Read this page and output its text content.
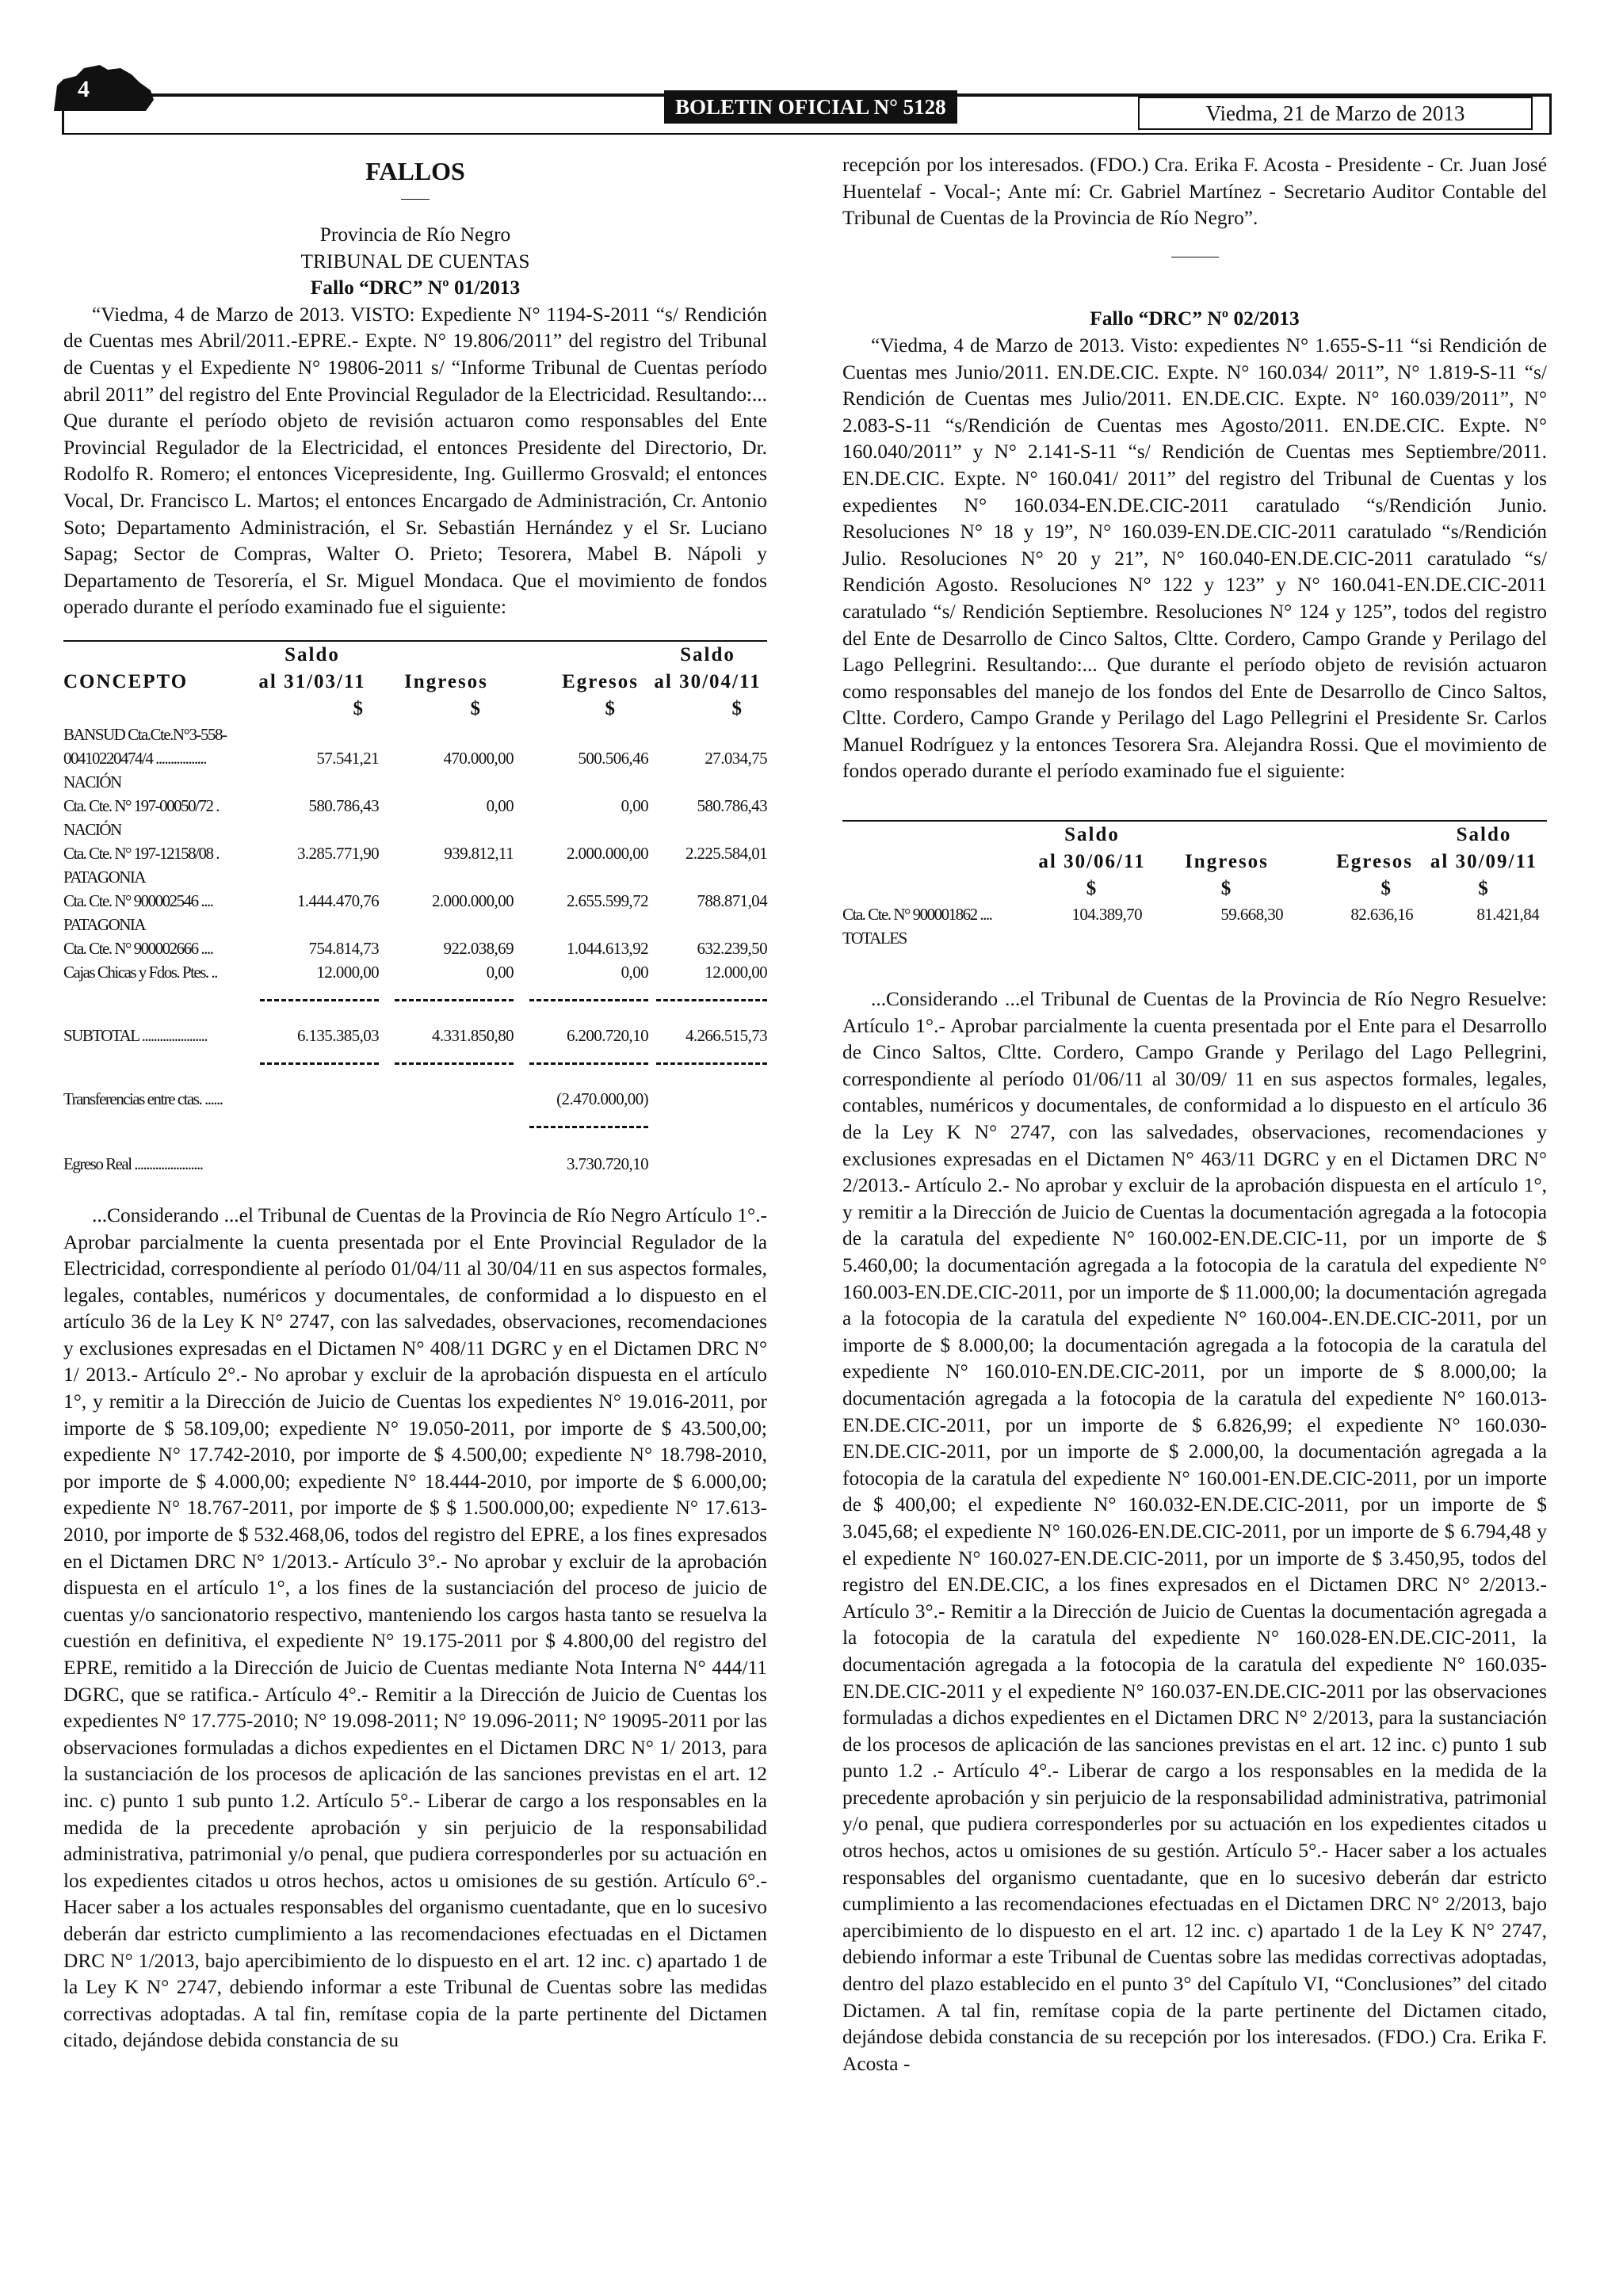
4
BOLETIN OFICIAL N° 5128	Viedma, 21 de Marzo de 2013
FALLOS

Provincia de Río Negro

TRIBUNAL DE CUENTAS

Fallo “DRC” Nº 01/2013

“Viedma, 4 de Marzo de 2013. VISTO: Expediente N° 1194-S-2011 “s/ Rendición de Cuentas mes Abril/2011.-EPRE.- Expte. N° 19.806/2011” del registro del Tribunal de Cuentas y el Expediente N° 19806-2011 s/ “Informe Tribunal de Cuentas período abril 2011” del registro del Ente Provincial Regulador de la Electricidad. Resultando:... Que durante el período objeto de revisión actuaron como responsables del Ente Provincial Regulador de la Electricidad, el entonces Presidente del Directorio, Dr. Rodolfo R. Romero; el entonces Vicepresidente, Ing. Guillermo Grosvald; el entonces Vocal, Dr. Francisco L. Martos; el entonces Encargado de Administración, Cr. Antonio Soto; Departamento Administración, el Sr. Sebastián Hernández y el Sr. Luciano Sapag; Sector de Compras, Walter O. Prieto; Tesorera, Mabel B. Nápoli y Departamento de Tesorería, el Sr. Miguel Mondaca. Que el movimiento de fondos operado durante el período examinado fue el siguiente:

	Saldo			Saldo
CONCEPTO	al 31/03/11	Ingresos	Egresos	al 30/04/11
	$	$	$	$
BANSUD Cta.Cte.N°3-558-				
00410220474/4 .................	57.541,21	470.000,00	500.506,46	27.034,75
NACIÓN				
Cta. Cte. N° 197-00050/72 .	580.786,43	0,00	0,00	580.786,43
NACIÓN				
Cta. Cte. N° 197-12158/08 .	3.285.771,90	939.812,11	2.000.000,00	2.225.584,01
PATAGONIA				
Cta. Cte. N° 900002546 ....	1.444.470,76	2.000.000,00	2.655.599,72	788.871,04
PATAGONIA				
Cta. Cte. N° 900002666 ....	754.814,73	922.038,69	1.044.613,92	632.239,50
Cajas Chicas y Fdos. Ptes. ..	12.000,00	0,00	0,00	12.000,00

SUBTOTAL ......................	6.135.385,03	4.331.850,80	6.200.720,10	4.266.515,73

Transferencias entre ctas. ......			(2.470.000,00)	

Egreso Real .......................			3.730.720,10	

...Considerando ...el Tribunal de Cuentas de la Provincia de Río Negro Artículo 1°.- Aprobar parcialmente la cuenta presentada por el Ente Provincial Regulador de la Electricidad, correspondiente al período 01/04/11 al 30/04/11 en sus aspectos formales, legales, contables, numéricos y documentales, de conformidad a lo dispuesto en el artículo 36 de la Ley K N° 2747, con las salvedades, observaciones, recomendaciones y exclusiones expresadas en el Dictamen N° 408/11 DGRC y en el Dictamen DRC N° 1/ 2013.- Artículo 2°.- No aprobar y excluir de la aprobación dispuesta en el artículo 1°, y remitir a la Dirección de Juicio de Cuentas los expedientes N° 19.016-2011, por importe de $ 58.109,00; expediente N° 19.050-2011, por importe de $ 43.500,00; expediente N° 17.742-2010, por importe de $ 4.500,00; expediente N° 18.798-2010, por importe de $ 4.000,00; expediente N° 18.444-2010, por importe de $ 6.000,00; expediente N° 18.767-2011, por importe de $ $ 1.500.000,00; expediente N° 17.613-2010, por importe de $ 532.468,06, todos del registro del EPRE, a los fines expresados en el Dictamen DRC N° 1/2013.- Artículo 3°.- No aprobar y excluir de la aprobación dispuesta en el artículo 1°, a los fines de la sustanciación del proceso de juicio de cuentas y/o sancionatorio respectivo, manteniendo los cargos hasta tanto se resuelva la cuestión en definitiva, el expediente N° 19.175-2011 por $ 4.800,00 del registro del EPRE, remitido a la Dirección de Juicio de Cuentas mediante Nota Interna N° 444/11 DGRC, que se ratifica.- Artículo 4°.- Remitir a la Dirección de Juicio de Cuentas los expedientes N° 17.775-2010; N° 19.098-2011; N° 19.096-2011; N° 19095-2011 por las observaciones formuladas a dichos expedientes en el Dictamen DRC N° 1/ 2013, para la sustanciación de los procesos de aplicación de las sanciones previstas en el art. 12 inc. c) punto 1 sub punto 1.2. Artículo 5°.- Liberar de cargo a los responsables en la medida de la precedente aprobación y sin perjuicio de la responsabilidad administrativa, patrimonial y/o penal, que pudiera corresponderles por su actuación en los expedientes citados u otros hechos, actos u omisiones de su gestión. Artículo 6°.- Hacer saber a los actuales responsables del organismo cuentadante, que en lo sucesivo deberán dar estricto cumplimiento a las recomendaciones efectuadas en el Dictamen DRC N° 1/2013, bajo apercibimiento de lo dispuesto en el art. 12 inc. c) apartado 1 de la Ley K N° 2747, debiendo informar a este Tribunal de Cuentas sobre las medidas correctivas adoptadas. A tal fin, remítase copia de la parte pertinente del Dictamen citado, dejándose debida constancia de su

recepción por los interesados. (FDO.) Cra. Erika F. Acosta - Presidente - Cr. Juan José Huentelaf - Vocal-; Ante mí: Cr. Gabriel Martínez - Secretario Auditor Contable del Tribunal de Cuentas de la Provincia de Río Negro”.

Fallo “DRC” Nº 02/2013

“Viedma, 4 de Marzo de 2013. Visto: expedientes N° 1.655-S-11 “si Rendición de Cuentas mes Junio/2011. EN.DE.CIC. Expte. N° 160.034/ 2011”, N° 1.819-S-11 “s/ Rendición de Cuentas mes Julio/2011. EN.DE.CIC. Expte. N° 160.039/2011”, N° 2.083-S-11 “s/Rendición de Cuentas mes Agosto/2011. EN.DE.CIC. Expte. N° 160.040/2011” y N° 2.141-S-11 “s/ Rendición de Cuentas mes Septiembre/2011. EN.DE.CIC. Expte. N° 160.041/ 2011” del registro del Tribunal de Cuentas y los expedientes N° 160.034-EN.DE.CIC-2011 caratulado “s/Rendición Junio. Resoluciones N° 18 y 19”, N° 160.039-EN.DE.CIC-2011 caratulado “s/Rendición Julio. Resoluciones N° 20 y 21”, N° 160.040-EN.DE.CIC-2011 caratulado “s/ Rendición Agosto. Resoluciones N° 122 y 123” y N° 160.041-EN.DE.CIC-2011 caratulado “s/ Rendición Septiembre. Resoluciones N° 124 y 125”, todos del registro del Ente de Desarrollo de Cinco Saltos, Cltte. Cordero, Campo Grande y Perilago del Lago Pellegrini. Resultando:... Que durante el período objeto de revisión actuaron como responsables del manejo de los fondos del Ente de Desarrollo de Cinco Saltos, Cltte. Cordero, Campo Grande y Perilago del Lago Pellegrini el Presidente Sr. Carlos Manuel Rodríguez y la entonces Tesorera Sra. Alejandra Rossi. Que el movimiento de fondos operado durante el período examinado fue el siguiente:

	Saldo			Saldo
	al 30/06/11	Ingresos	Egresos	al 30/09/11
	$	$	$	$
Cta. Cte. N° 900001862 ....	104.389,70	59.668,30	82.636,16	81.421,84
TOTALES				

...Considerando ...el Tribunal de Cuentas de la Provincia de Río Negro Resuelve: Artículo 1°.- Aprobar parcialmente la cuenta presentada por el Ente para el Desarrollo de Cinco Saltos, Cltte. Cordero, Campo Grande y Perilago del Lago Pellegrini, correspondiente al período 01/06/11 al 30/09/ 11 en sus aspectos formales, legales, contables, numéricos y documentales, de conformidad a lo dispuesto en el artículo 36 de la Ley K N° 2747, con las salvedades, observaciones, recomendaciones y exclusiones expresadas en el Dictamen N° 463/11 DGRC y en el Dictamen DRC N° 2/2013.- Artículo 2.- No aprobar y excluir de la aprobación dispuesta en el artículo 1°, y remitir a la Dirección de Juicio de Cuentas la documentación agregada a la fotocopia de la caratula del expediente N° 160.002-EN.DE.CIC-11, por un importe de $ 5.460,00; la documentación agregada a la fotocopia de la caratula del expediente N° 160.003-EN.DE.CIC-2011, por un importe de $ 11.000,00; la documentación agregada a la fotocopia de la caratula del expediente N° 160.004-.EN.DE.CIC-2011, por un importe de $ 8.000,00; la documentación agregada a la fotocopia de la caratula del expediente N° 160.010-EN.DE.CIC-2011, por un importe de $ 8.000,00; la documentación agregada a la fotocopia de la caratula del expediente N° 160.013-EN.DE.CIC-2011, por un importe de $ 6.826,99; el expediente N° 160.030-EN.DE.CIC-2011, por un importe de $ 2.000,00, la documentación agregada a la fotocopia de la caratula del expediente N° 160.001-EN.DE.CIC-2011, por un importe de $ 400,00; el expediente N° 160.032-EN.DE.CIC-2011, por un importe de $ 3.045,68; el expediente N° 160.026-EN.DE.CIC-2011, por un importe de $ 6.794,48 y el expediente N° 160.027-EN.DE.CIC-2011, por un importe de $ 3.450,95, todos del registro del EN.DE.CIC, a los fines expresados en el Dictamen DRC N° 2/2013.- Artículo 3°.- Remitir a la Dirección de Juicio de Cuentas la documentación agregada a la fotocopia de la caratula del expediente N° 160.028-EN.DE.CIC-2011, la documentación agregada a la fotocopia de la caratula del expediente N° 160.035-EN.DE.CIC-2011 y el expediente N° 160.037-EN.DE.CIC-2011 por las observaciones formuladas a dichos expedientes en el Dictamen DRC N° 2/2013, para la sustanciación de los procesos de aplicación de las sanciones previstas en el art. 12 inc. c) punto 1 sub punto 1.2 .- Artículo 4°.- Liberar de cargo a los responsables en la medida de la precedente aprobación y sin perjuicio de la responsabilidad administrativa, patrimonial y/o penal, que pudiera corresponderles por su actuación en los expedientes citados u otros hechos, actos u omisiones de su gestión. Artículo 5°.- Hacer saber a los actuales responsables del organismo cuentadante, que en lo sucesivo deberán dar estricto cumplimiento a las recomendaciones efectuadas en el Dictamen DRC N° 2/2013, bajo apercibimiento de lo dispuesto en el art. 12 inc. c) apartado 1 de la Ley K N° 2747, debiendo informar a este Tribunal de Cuentas sobre las medidas correctivas adoptadas, dentro del plazo establecido en el punto 3° del Capítulo VI, “Conclusiones” del citado Dictamen. A tal fin, remítase copia de la parte pertinente del Dictamen citado, dejándose debida constancia de su recepción por los interesados. (FDO.) Cra. Erika F. Acosta -
